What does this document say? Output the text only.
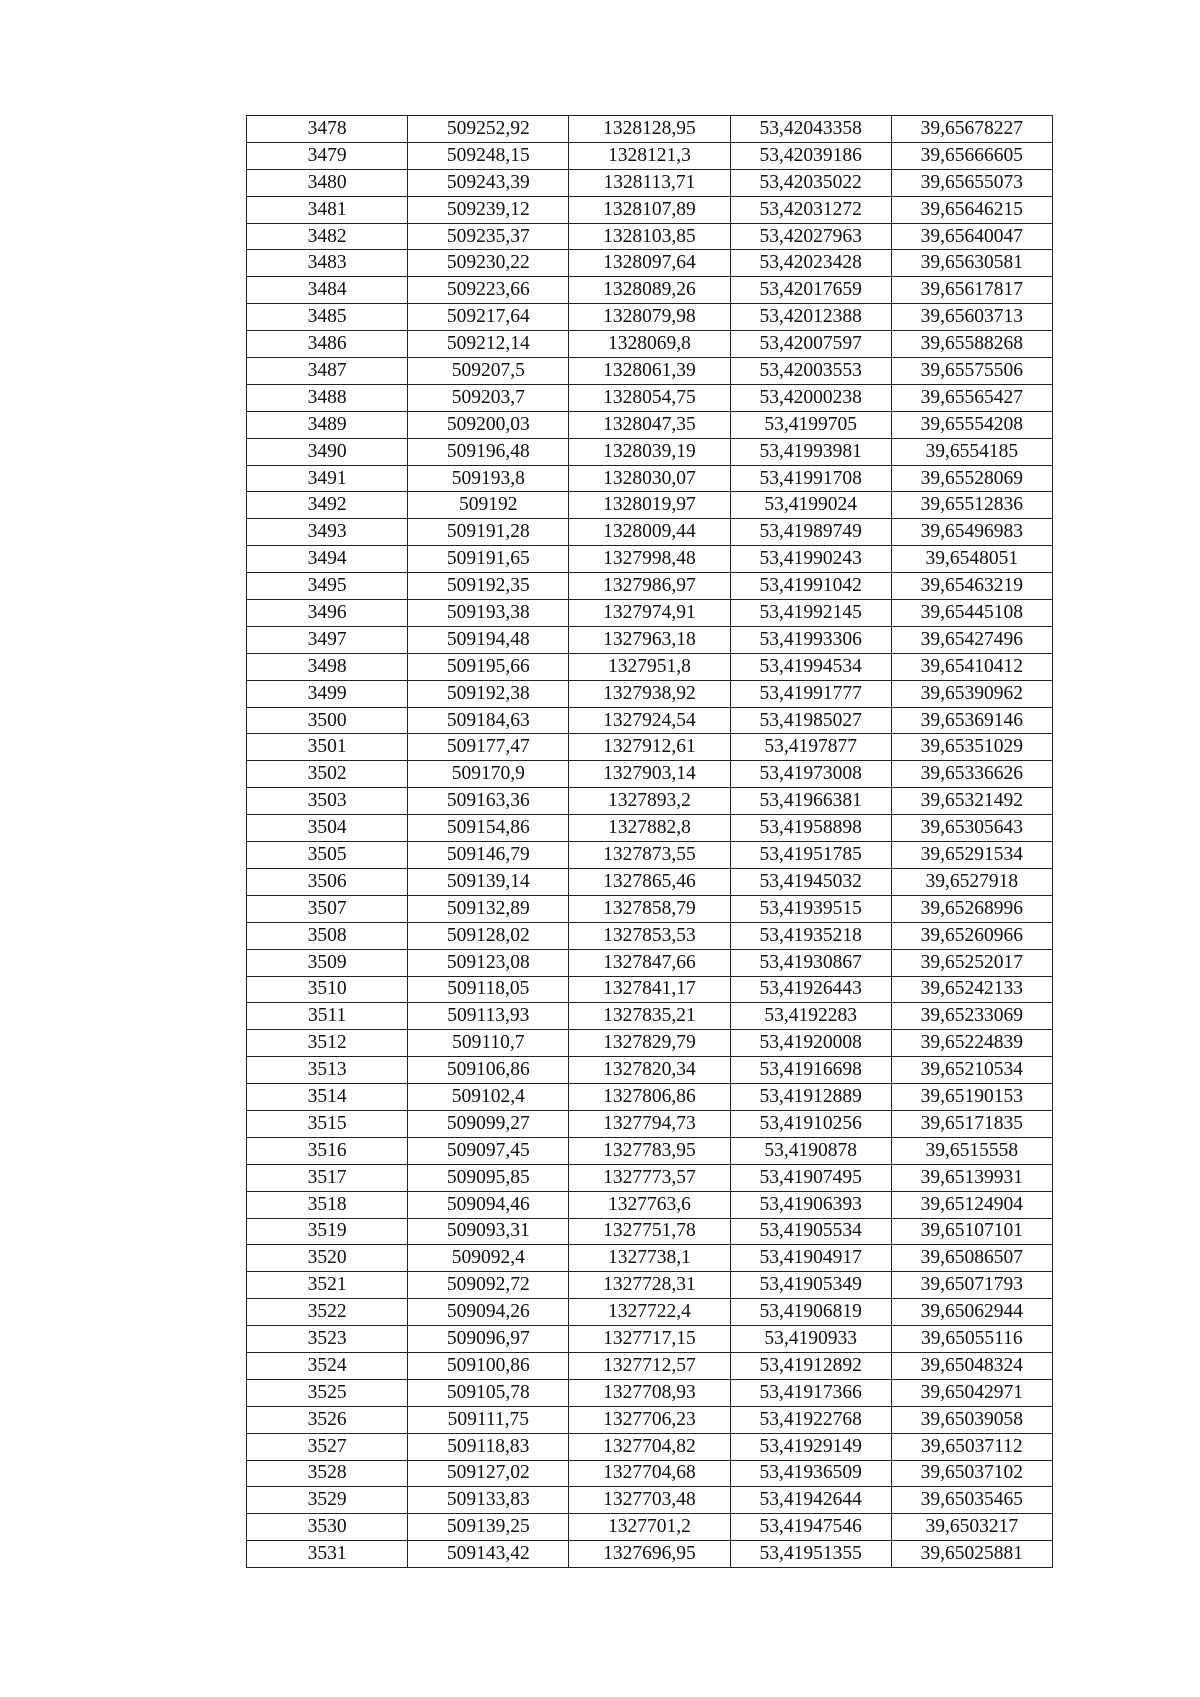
3478	509252,92	1328128,95	53,42043358	39,65678227
3479	509248,15	1328121,3	53,42039186	39,65666605
3480	509243,39	1328113,71	53,42035022	39,65655073
3481	509239,12	1328107,89	53,42031272	39,65646215
3482	509235,37	1328103,85	53,42027963	39,65640047
3483	509230,22	1328097,64	53,42023428	39,65630581
3484	509223,66	1328089,26	53,42017659	39,65617817
3485	509217,64	1328079,98	53,42012388	39,65603713
3486	509212,14	1328069,8	53,42007597	39,65588268
3487	509207,5	1328061,39	53,42003553	39,65575506
3488	509203,7	1328054,75	53,42000238	39,65565427
3489	509200,03	1328047,35	53,4199705	39,65554208
3490	509196,48	1328039,19	53,41993981	39,6554185
3491	509193,8	1328030,07	53,41991708	39,65528069
3492	509192	1328019,97	53,4199024	39,65512836
3493	509191,28	1328009,44	53,41989749	39,65496983
3494	509191,65	1327998,48	53,41990243	39,6548051
3495	509192,35	1327986,97	53,41991042	39,65463219
3496	509193,38	1327974,91	53,41992145	39,65445108
3497	509194,48	1327963,18	53,41993306	39,65427496
3498	509195,66	1327951,8	53,41994534	39,65410412
3499	509192,38	1327938,92	53,41991777	39,65390962
3500	509184,63	1327924,54	53,41985027	39,65369146
3501	509177,47	1327912,61	53,4197877	39,65351029
3502	509170,9	1327903,14	53,41973008	39,65336626
3503	509163,36	1327893,2	53,41966381	39,65321492
3504	509154,86	1327882,8	53,41958898	39,65305643
3505	509146,79	1327873,55	53,41951785	39,65291534
3506	509139,14	1327865,46	53,41945032	39,6527918
3507	509132,89	1327858,79	53,41939515	39,65268996
3508	509128,02	1327853,53	53,41935218	39,65260966
3509	509123,08	1327847,66	53,41930867	39,65252017
3510	509118,05	1327841,17	53,41926443	39,65242133
3511	509113,93	1327835,21	53,4192283	39,65233069
3512	509110,7	1327829,79	53,41920008	39,65224839
3513	509106,86	1327820,34	53,41916698	39,65210534
3514	509102,4	1327806,86	53,41912889	39,65190153
3515	509099,27	1327794,73	53,41910256	39,65171835
3516	509097,45	1327783,95	53,4190878	39,6515558
3517	509095,85	1327773,57	53,41907495	39,65139931
3518	509094,46	1327763,6	53,41906393	39,65124904
3519	509093,31	1327751,78	53,41905534	39,65107101
3520	509092,4	1327738,1	53,41904917	39,65086507
3521	509092,72	1327728,31	53,41905349	39,65071793
3522	509094,26	1327722,4	53,41906819	39,65062944
3523	509096,97	1327717,15	53,4190933	39,65055116
3524	509100,86	1327712,57	53,41912892	39,65048324
3525	509105,78	1327708,93	53,41917366	39,65042971
3526	509111,75	1327706,23	53,41922768	39,65039058
3527	509118,83	1327704,82	53,41929149	39,65037112
3528	509127,02	1327704,68	53,41936509	39,65037102
3529	509133,83	1327703,48	53,41942644	39,65035465
3530	509139,25	1327701,2	53,41947546	39,6503217
3531	509143,42	1327696,95	53,41951355	39,65025881
